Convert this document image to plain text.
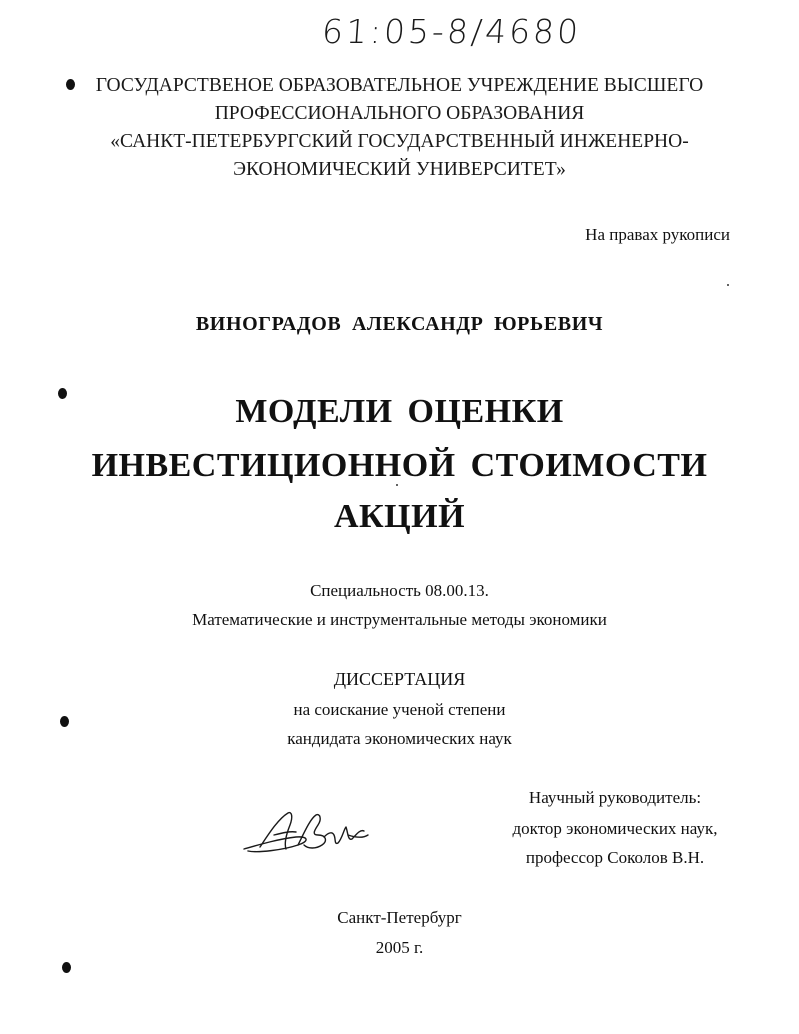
61:05-8/4680
ГОСУДАРСТВЕНОЕ ОБРАЗОВАТЕЛЬНОЕ УЧРЕЖДЕНИЕ ВЫСШЕГО
ПРОФЕССИОНАЛЬНОГО ОБРАЗОВАНИЯ
«САНКТ-ПЕТЕРБУРГСКИЙ ГОСУДАРСТВЕННЫЙ ИНЖЕНЕРНО-
ЭКОНОМИЧЕСКИЙ УНИВЕРСИТЕТ»
На правах рукописи
ВИНОГРАДОВ АЛЕКСАНДР ЮРЬЕВИЧ
МОДЕЛИ ОЦЕНКИ
ИНВЕСТИЦИОННОЙ СТОИМОСТИ
АКЦИЙ
Специальность 08.00.13.
Математические и инструментальные методы экономики
ДИССЕРТАЦИЯ
на соискание ученой степени
кандидата экономических наук
Научный руководитель:
доктор экономических наук,
профессор Соколов В.Н.
Санкт-Петербург
2005 г.
